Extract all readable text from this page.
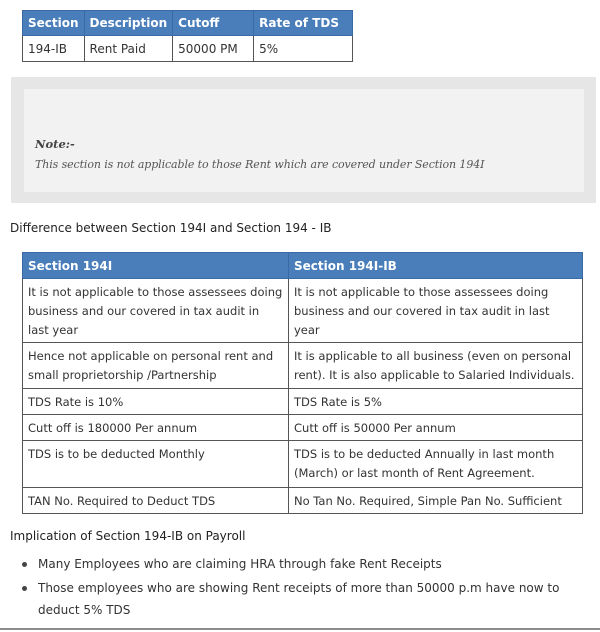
Section	Description	Cutoff	Rate of TDS
194-IB	Rent Paid	50000 PM	5%
Note:-
This section is not applicable to those Rent which are covered under Section 194I
Difference between Section 194I and Section 194 - IB
Section 194I	Section 194I-IB
It is not applicable to those assessees doing business and our covered in tax audit in last year	It is not applicable to those assessees doing business and our covered in tax audit in last year
Hence not applicable on personal rent and small proprietorship /Partnership	It is applicable to all business (even on personal rent). It is also applicable to Salaried Individuals.
TDS Rate is 10%	TDS Rate is 5%
Cutt off is 180000 Per annum	Cutt off is 50000 Per annum
TDS is to be deducted Monthly	TDS is to be deducted Annually in last month (March) or last month of Rent Agreement.
TAN No. Required to Deduct TDS	No Tan No. Required, Simple Pan No. Sufficient
Implication of Section 194-IB on Payroll
Many Employees who are claiming HRA through fake Rent Receipts
Those employees who are showing Rent receipts of more than 50000 p.m have now to deduct 5% TDS
